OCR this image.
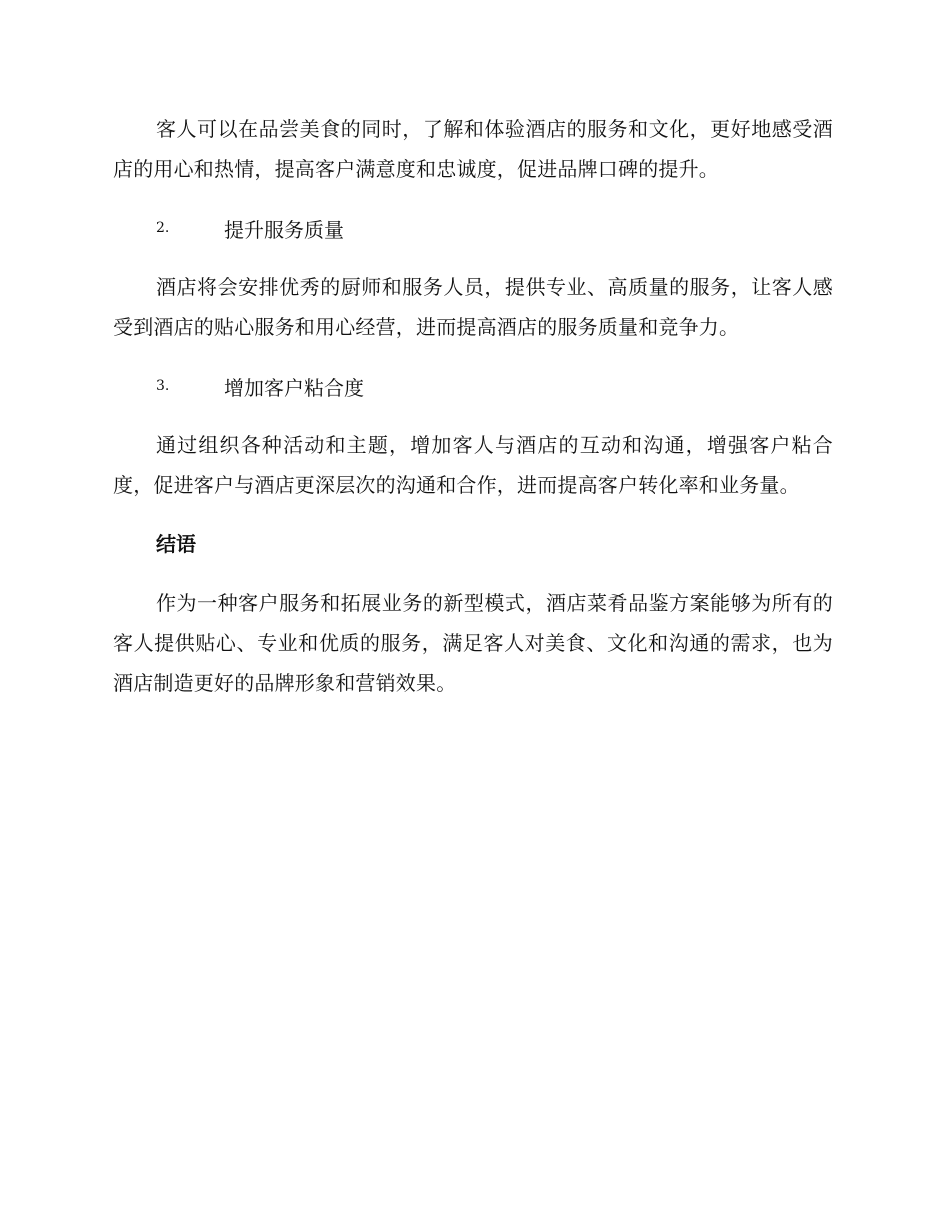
客人可以在品尝美食的同时，了解和体验酒店的服务和文化，更好地感受酒店的用心和热情，提高客户满意度和忠诚度，促进品牌口碑的提升。

2.	提升服务质量

酒店将会安排优秀的厨师和服务人员，提供专业、高质量的服务，让客人感受到酒店的贴心服务和用心经营，进而提高酒店的服务质量和竞争力。

3.	增加客户粘合度

通过组织各种活动和主题，增加客人与酒店的互动和沟通，增强客户粘合度，促进客户与酒店更深层次的沟通和合作，进而提高客户转化率和业务量。

结语

作为一种客户服务和拓展业务的新型模式，酒店菜肴品鉴方案能够为所有的客人提供贴心、专业和优质的服务，满足客人对美食、文化和沟通的需求，也为酒店制造更好的品牌形象和营销效果。
